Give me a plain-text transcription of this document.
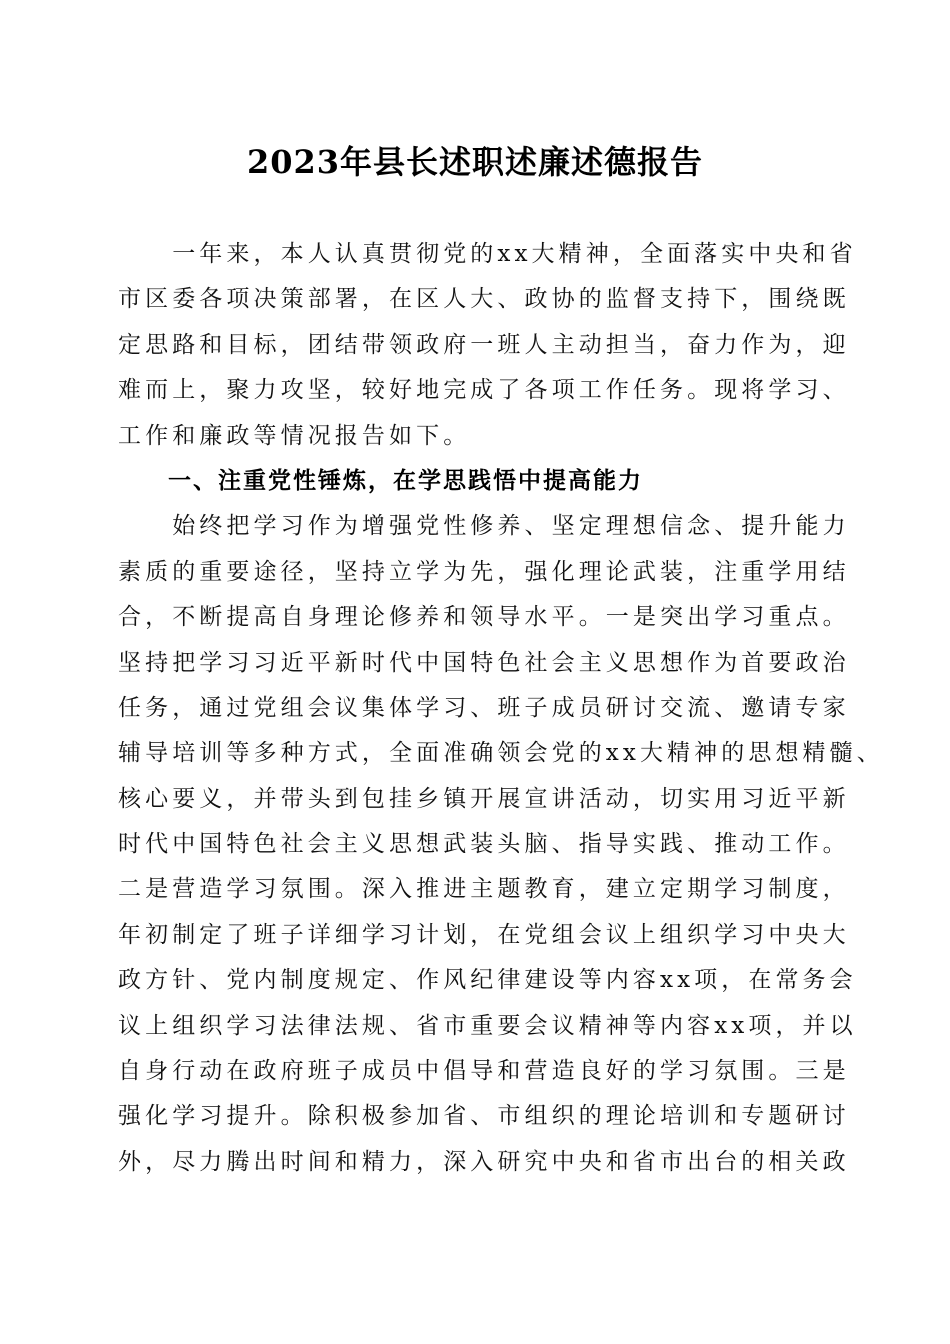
2023年县长述职述廉述德报告
　　一年来，本人认真贯彻党的xx大精神，全面落实中央和省
市区委各项决策部署，在区人大、政协的监督支持下，围绕既
定思路和目标，团结带领政府一班人主动担当，奋力作为，迎
难而上，聚力攻坚，较好地完成了各项工作任务。现将学习、
工作和廉政等情况报告如下。
　　一、注重党性锤炼，在学思践悟中提高能力
　　始终把学习作为增强党性修养、坚定理想信念、提升能力
素质的重要途径，坚持立学为先，强化理论武装，注重学用结
合，不断提高自身理论修养和领导水平。一是突出学习重点。
坚持把学习习近平新时代中国特色社会主义思想作为首要政治
任务，通过党组会议集体学习、班子成员研讨交流、邀请专家
辅导培训等多种方式，全面准确领会党的xx大精神的思想精髓、
核心要义，并带头到包挂乡镇开展宣讲活动，切实用习近平新
时代中国特色社会主义思想武装头脑、指导实践、推动工作。
二是营造学习氛围。深入推进主题教育，建立定期学习制度，
年初制定了班子详细学习计划，在党组会议上组织学习中央大
政方针、党内制度规定、作风纪律建设等内容xx项，在常务会
议上组织学习法律法规、省市重要会议精神等内容xx项，并以
自身行动在政府班子成员中倡导和营造良好的学习氛围。三是
强化学习提升。除积极参加省、市组织的理论培训和专题研讨
外，尽力腾出时间和精力，深入研究中央和省市出台的相关政
